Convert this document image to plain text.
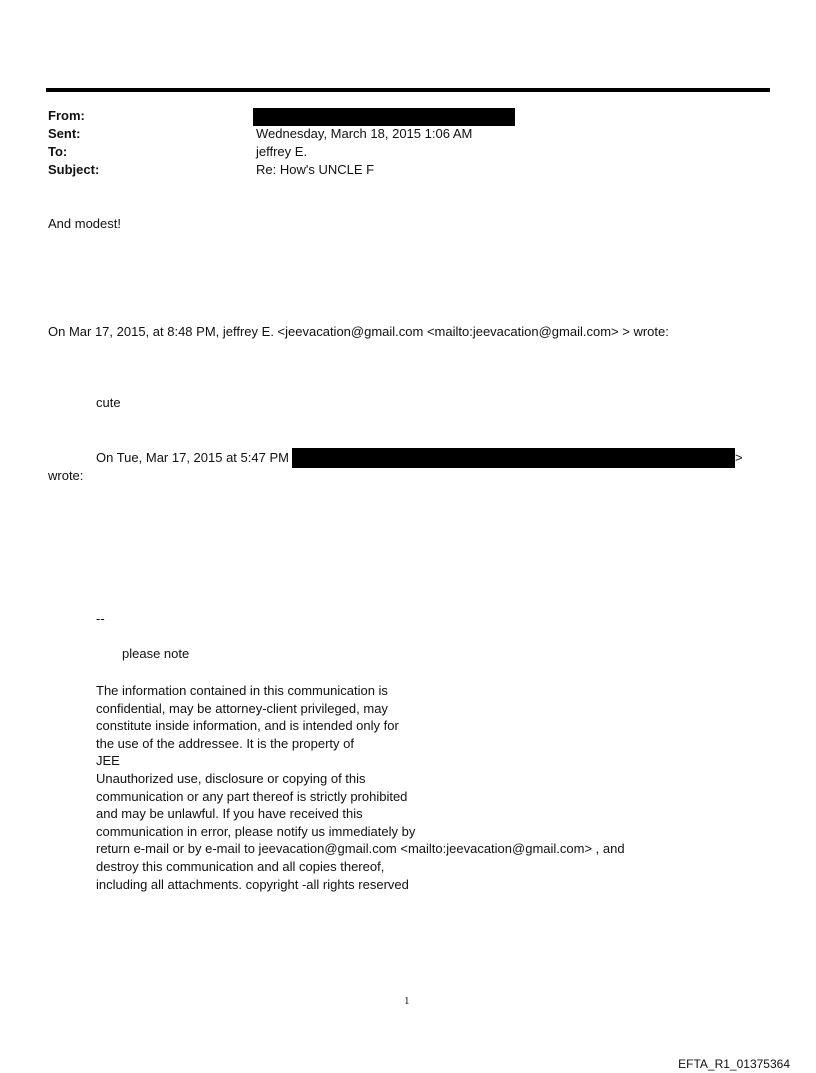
From:
Sent:	Wednesday, March 18, 2015 1:06 AM
To:	jeffrey E.
Subject:	Re: How's UNCLE F
And modest!
On Mar 17, 2015, at 8:48 PM, jeffrey E. <jeevacation@gmail.com <mailto:jeevacation@gmail.com> > wrote:
cute
On Tue, Mar 17, 2015 at 5:47 PM	>
wrote:
--
please note
The information contained in this communication is
confidential, may be attorney-client privileged, may
constitute inside information, and is intended only for
the use of the addressee. It is the property of
JEE
Unauthorized use, disclosure or copying of this
communication or any part thereof is strictly prohibited
and may be unlawful. If you have received this
communication in error, please notify us immediately by
return e-mail or by e-mail to jeevacation@gmail.com <mailto:jeevacation@gmail.com> , and
destroy this communication and all copies thereof,
including all attachments. copyright -all rights reserved
1
EFTA_R1_01375364
